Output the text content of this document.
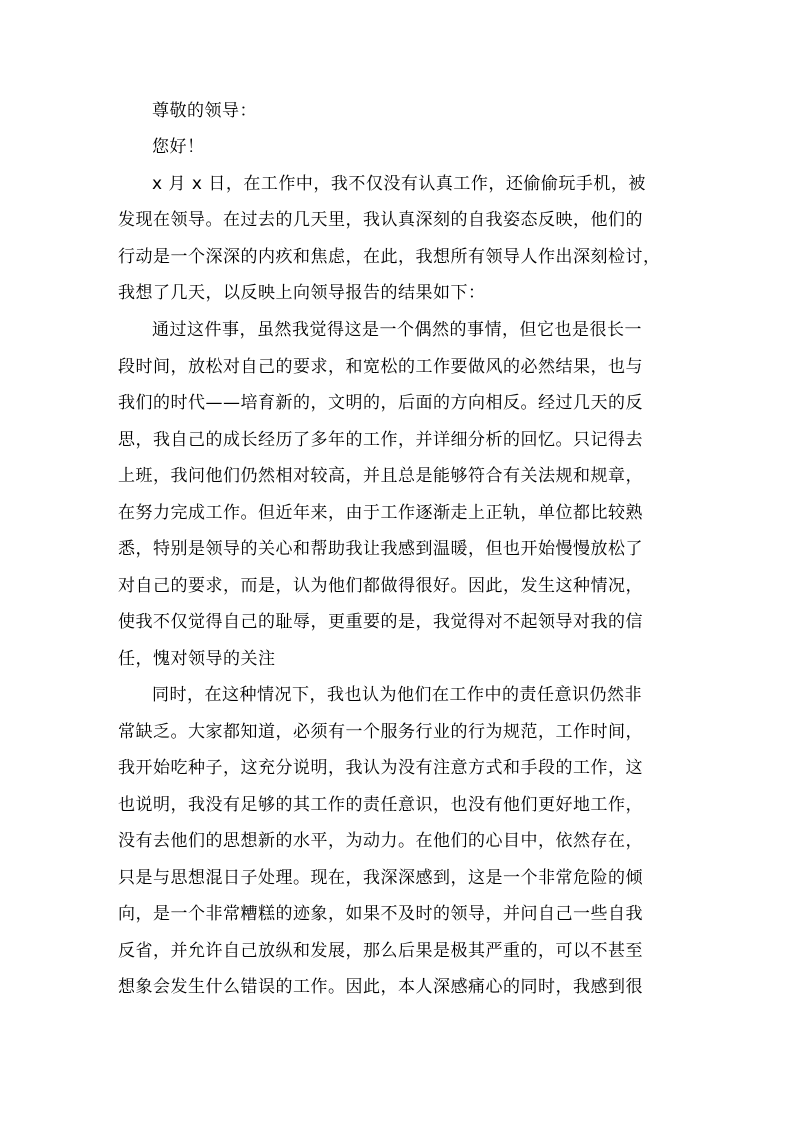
尊敬的领导：
您好！
x 月 x 日，在工作中，我不仅没有认真工作，还偷偷玩手机，被
发现在领导。在过去的几天里，我认真深刻的自我姿态反映，他们的
行动是一个深深的内疚和焦虑，在此，我想所有领导人作出深刻检讨，
我想了几天，以反映上向领导报告的结果如下：
通过这件事，虽然我觉得这是一个偶然的事情，但它也是很长一
段时间，放松对自己的要求，和宽松的工作要做风的必然结果，也与
我们的时代——培育新的，文明的，后面的方向相反。经过几天的反
思，我自己的成长经历了多年的工作，并详细分析的回忆。只记得去
上班，我问他们仍然相对较高，并且总是能够符合有关法规和规章，
在努力完成工作。但近年来，由于工作逐渐走上正轨，单位都比较熟
悉，特别是领导的关心和帮助我让我感到温暖，但也开始慢慢放松了
对自己的要求，而是，认为他们都做得很好。因此，发生这种情况，
使我不仅觉得自己的耻辱，更重要的是，我觉得对不起领导对我的信
任，愧对领导的关注
同时，在这种情况下，我也认为他们在工作中的责任意识仍然非
常缺乏。大家都知道，必须有一个服务行业的行为规范，工作时间，
我开始吃种子，这充分说明，我认为没有注意方式和手段的工作，这
也说明，我没有足够的其工作的责任意识，也没有他们更好地工作，
没有去他们的思想新的水平，为动力。在他们的心目中，依然存在，
只是与思想混日子处理。现在，我深深感到，这是一个非常危险的倾
向，是一个非常糟糕的迹象，如果不及时的领导，并问自己一些自我
反省，并允许自己放纵和发展，那么后果是极其严重的，可以不甚至
想象会发生什么错误的工作。因此，本人深感痛心的同时，我感到很
